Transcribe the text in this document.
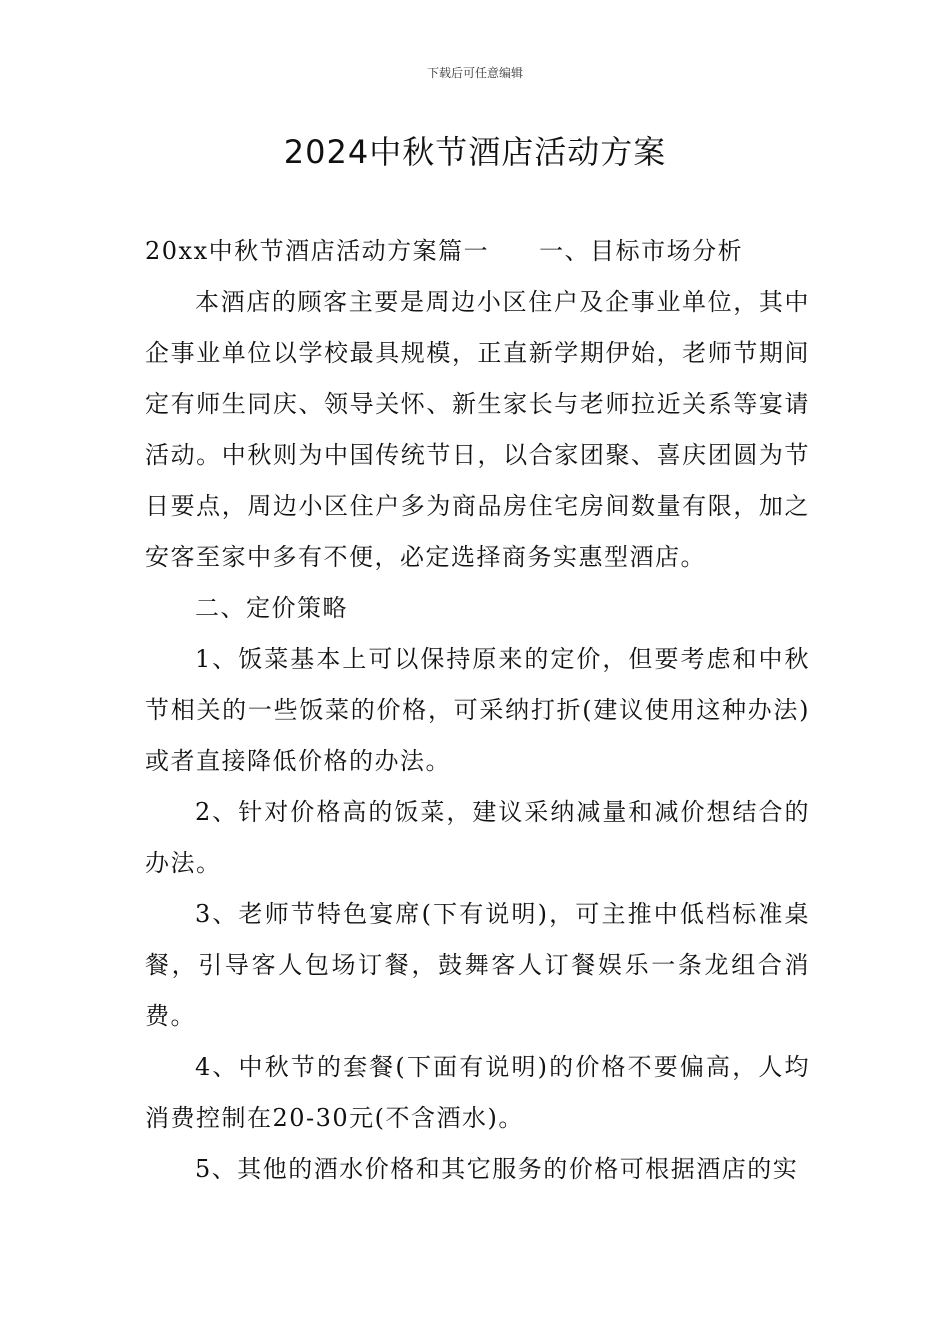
下载后可任意编辑
2024中秋节酒店活动方案

20xx中秋节酒店活动方案篇一 一、目标市场分析

本酒店的顾客主要是周边小区住户及企事业单位，其中企事业单位以学校最具规模，正直新学期伊始，老师节期间定有师生同庆、领导关怀、新生家长与老师拉近关系等宴请活动。中秋则为中国传统节日，以合家团聚、喜庆团圆为节日要点，周边小区住户多为商品房住宅房间数量有限，加之安客至家中多有不便，必定选择商务实惠型酒店。

二、定价策略

1、饭菜基本上可以保持原来的定价，但要考虑和中秋节相关的一些饭菜的价格，可采纳打折(建议使用这种办法)或者直接降低价格的办法。

2、针对价格高的饭菜，建议采纳减量和减价想结合的办法。

3、老师节特色宴席(下有说明)，可主推中低档标准桌餐，引导客人包场订餐，鼓舞客人订餐娱乐一条龙组合消费。

4、中秋节的套餐(下面有说明)的价格不要偏高，人均消费控制在20-30元(不含酒水)。

5、其他的酒水价格和其它服务的价格可根据酒店的实
